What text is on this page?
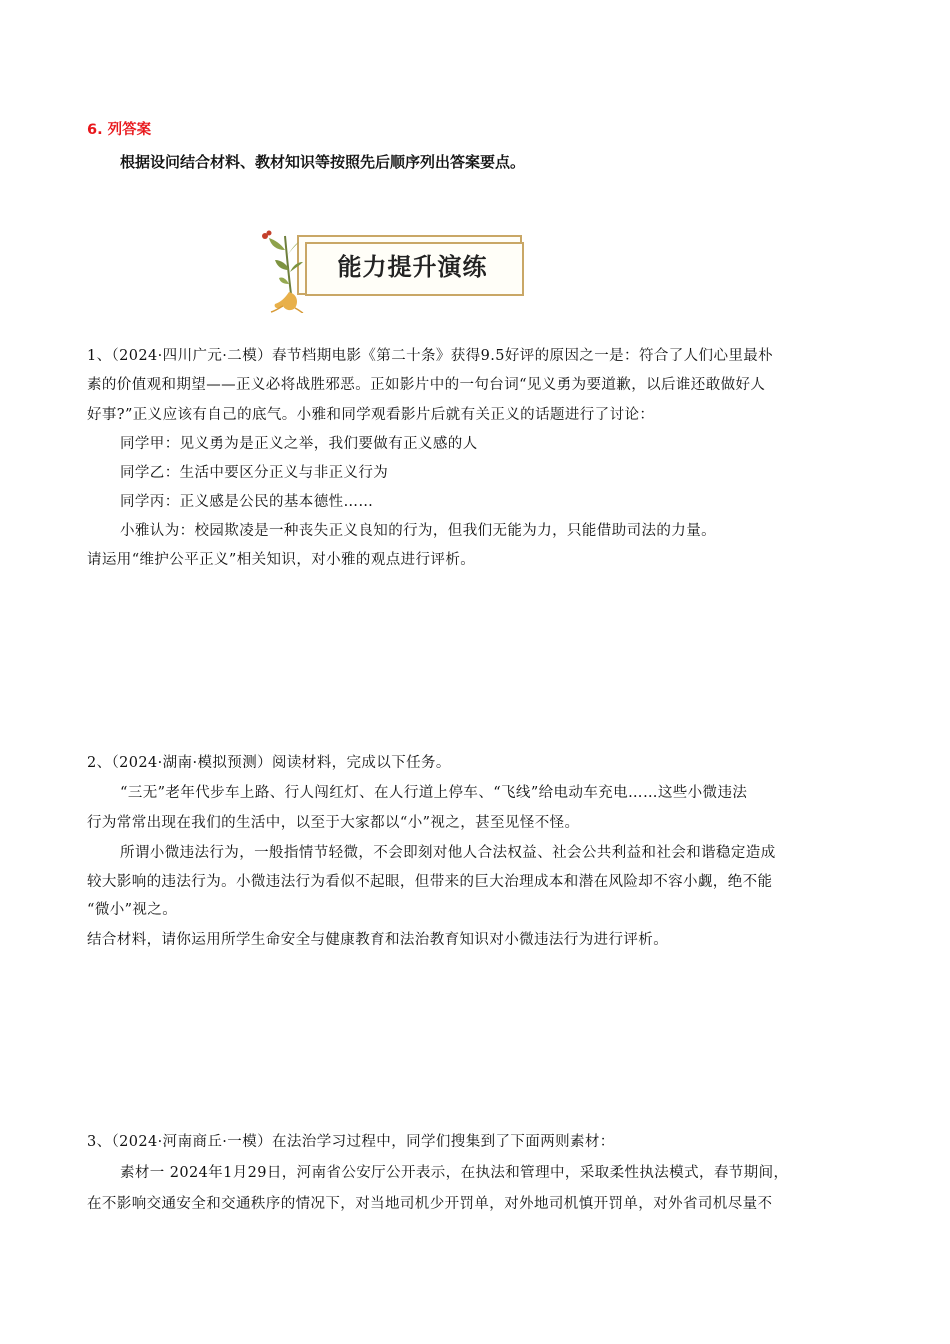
6. 列答案
根据设问结合材料、教材知识等按照先后顺序列出答案要点。
能力提升演练
1、（2024·四川广元·二模）春节档期电影《第二十条》获得9.5好评的原因之一是：符合了人们心里最朴
素的价值观和期望——正义必将战胜邪恶。正如影片中的一句台词“见义勇为要道歉，以后谁还敢做好人
好事?”正义应该有自己的底气。小雅和同学观看影片后就有关正义的话题进行了讨论：
同学甲：见义勇为是正义之举，我们要做有正义感的人
同学乙：生活中要区分正义与非正义行为
同学丙：正义感是公民的基本德性……
小雅认为：校园欺凌是一种丧失正义良知的行为，但我们无能为力，只能借助司法的力量。
请运用“维护公平正义”相关知识，对小雅的观点进行评析。
2、（2024·湖南·模拟预测）阅读材料，完成以下任务。
“三无”老年代步车上路、行人闯红灯、在人行道上停车、“飞线”给电动车充电……这些小微违法
行为常常出现在我们的生活中，以至于大家都以“小”视之，甚至见怪不怪。
所谓小微违法行为，一般指情节轻微，不会即刻对他人合法权益、社会公共利益和社会和谐稳定造成
较大影响的违法行为。小微违法行为看似不起眼，但带来的巨大治理成本和潜在风险却不容小觑，绝不能
“微小”视之。
结合材料，请你运用所学生命安全与健康教育和法治教育知识对小微违法行为进行评析。
3、（2024·河南商丘·一模）在法治学习过程中，同学们搜集到了下面两则素材：
素材一 2024年1月29日，河南省公安厅公开表示，在执法和管理中，采取柔性执法模式，春节期间，
在不影响交通安全和交通秩序的情况下，对当地司机少开罚单，对外地司机慎开罚单，对外省司机尽量不
